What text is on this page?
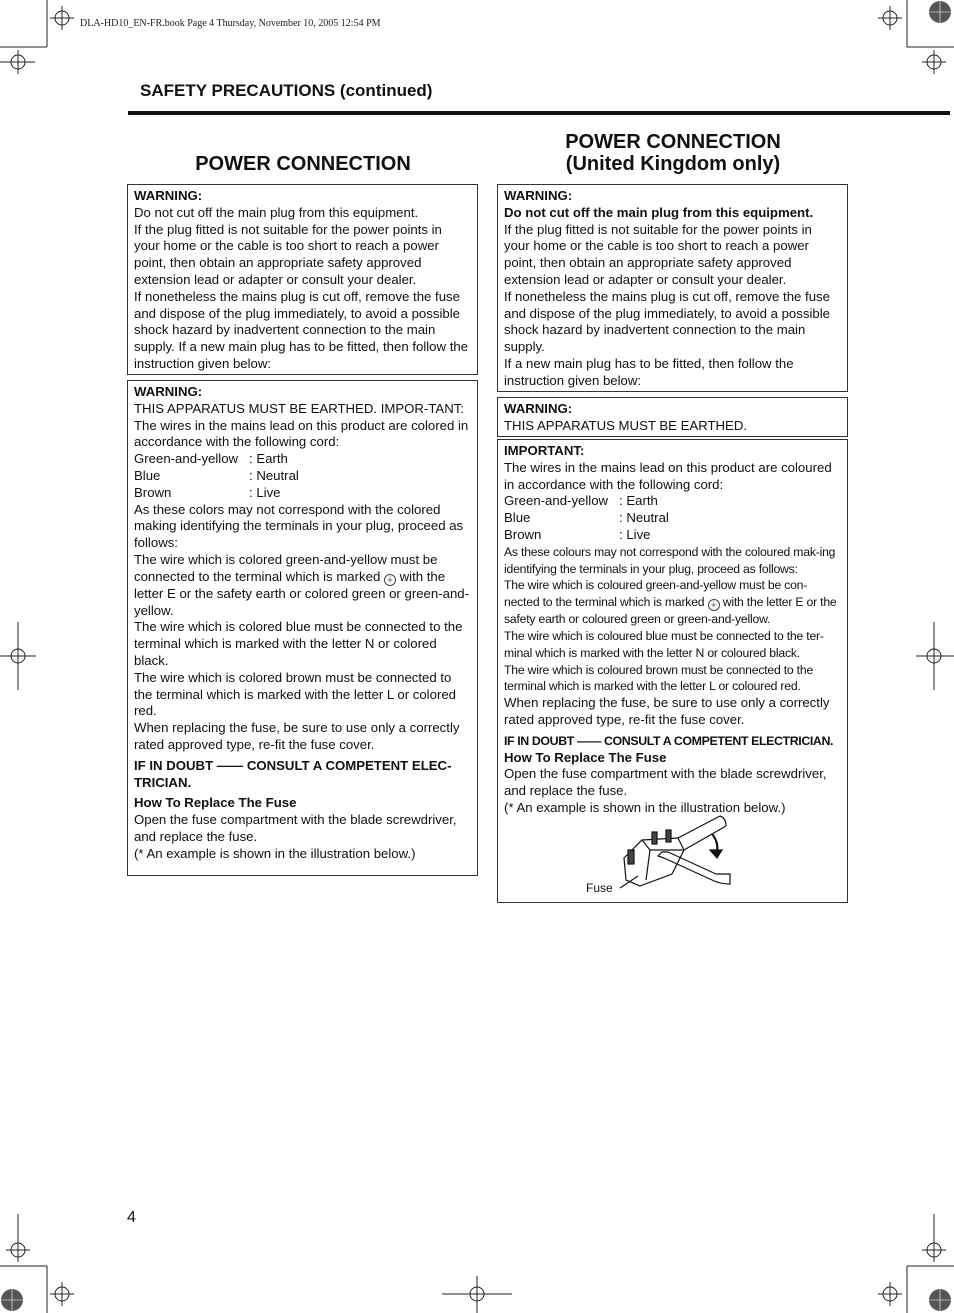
DLA-HD10_EN-FR.book Page 4 Thursday, November 10, 2005 12:54 PM
SAFETY PRECAUTIONS (continued)
POWER CONNECTION
POWER CONNECTION
(United Kingdom only)

WARNING:

Do not cut off the main plug from this equipment.

If the plug fitted is not suitable for the power points in your home or the cable is too short to reach a power point, then obtain an appropriate safety approved extension lead or adapter or consult your dealer.

If nonetheless the mains plug is cut off, remove the fuse and dispose of the plug immediately, to avoid a possible shock hazard by inadvertent connection to the main supply. If a new main plug has to be fitted, then follow the instruction given below:

WARNING:

THIS APPARATUS MUST BE EARTHED. IMPOR-TANT:

The wires in the mains lead on this product are colored in accordance with the following cord:

Green-and-yellow : Earth
Blue	: Neutral
Brown	: Live

As these colors may not correspond with the colored making identifying the terminals in your plug, proceed as follows:

The wire which is colored green-and-yellow must be connected to the terminal which is marked ⏚ with the letter E or the safety earth or colored green or green-and-yellow.

The wire which is colored blue must be connected to the terminal which is marked with the letter N or colored black.

The wire which is colored brown must be connected to the terminal which is marked with the letter L or colored red.

When replacing the fuse, be sure to use only a correctly rated approved type, re-fit the fuse cover.

IF IN DOUBT —— CONSULT A COMPETENT ELEC-TRICIAN.

How To Replace The Fuse

Open the fuse compartment with the blade screwdriver, and replace the fuse.

(* An example is shown in the illustration below.)

WARNING:

Do not cut off the main plug from this equipment.

If the plug fitted is not suitable for the power points in your home or the cable is too short to reach a power point, then obtain an appropriate safety approved extension lead or adapter or consult your dealer.

If nonetheless the mains plug is cut off, remove the fuse and dispose of the plug immediately, to avoid a possible shock hazard by inadvertent connection to the main supply.

If a new main plug has to be fitted, then follow the instruction given below:

WARNING:

THIS APPARATUS MUST BE EARTHED.

IMPORTANT:

The wires in the mains lead on this product are coloured in accordance with the following cord:

Green-and-yellow : Earth
Blue	: Neutral
Brown	: Live

As these colours may not correspond with the coloured mak-ing identifying the terminals in your plug, proceed as follows:

The wire which is coloured green-and-yellow must be con-nected to the terminal which is marked ⏚ with the letter E or the safety earth or coloured green or green-and-yellow.

The wire which is coloured blue must be connected to the ter-minal which is marked with the letter N or coloured black.

The wire which is coloured brown must be connected to the terminal which is marked with the letter L or coloured red.

When replacing the fuse, be sure to use only a correctly rated approved type, re-fit the fuse cover.

IF IN DOUBT —— CONSULT A COMPETENT ELECTRICIAN.

How To Replace The Fuse

Open the fuse compartment with the blade screwdriver, and replace the fuse.

(* An example is shown in the illustration below.)

Fuse
4
